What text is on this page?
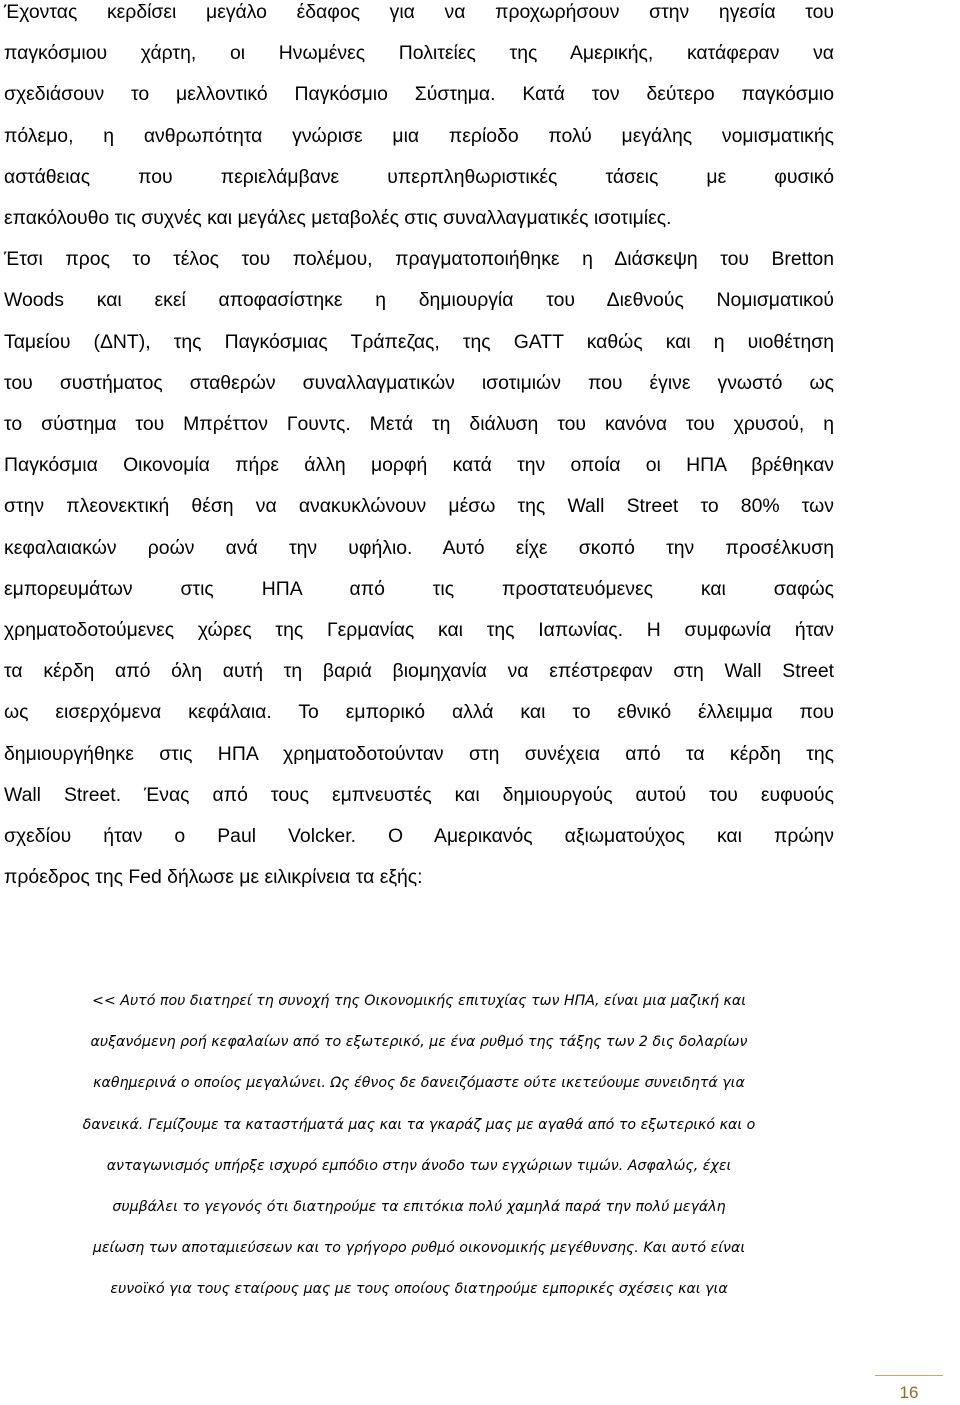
Έχοντας κερδίσει μεγάλο έδαφος για να προχωρήσουν στην ηγεσία του
παγκόσμιου χάρτη, οι Ηνωμένες Πολιτείες της Αμερικής, κατάφεραν να
σχεδιάσουν το μελλοντικό Παγκόσμιο Σύστημα. Κατά τον δεύτερο παγκόσμιο
πόλεμο, η ανθρωπότητα γνώρισε μια περίοδο πολύ μεγάλης νομισματικής
αστάθειας που περιελάμβανε υπερπληθωριστικές τάσεις με φυσικό
επακόλουθο τις συχνές και μεγάλες μεταβολές στις συναλλαγματικές ισοτιμίες.
Έτσι προς το τέλος του πολέμου, πραγματοποιήθηκε η Διάσκεψη του Bretton
Woods και εκεί αποφασίστηκε η δημιουργία του Διεθνούς Νομισματικού
Ταμείου (ΔΝΤ), της Παγκόσμιας Τράπεζας, της GATT καθώς και η υιοθέτηση
του συστήματος σταθερών συναλλαγματικών ισοτιμιών που έγινε γνωστό ως
το σύστημα του Μπρέττον Γουντς. Μετά τη διάλυση του κανόνα του χρυσού, η
Παγκόσμια Οικονομία πήρε άλλη μορφή κατά την οποία οι ΗΠΑ βρέθηκαν
στην πλεονεκτική θέση να ανακυκλώνουν μέσω της Wall Street το 80% των
κεφαλαιακών ροών ανά την υφήλιο. Αυτό είχε σκοπό την προσέλκυση
εμπορευμάτων στις ΗΠΑ από τις προστατευόμενες και σαφώς
χρηματοδοτούμενες χώρες της Γερμανίας και της Ιαπωνίας. Η συμφωνία ήταν
τα κέρδη από όλη αυτή τη βαριά βιομηχανία να επέστρεφαν στη Wall Street
ως εισερχόμενα κεφάλαια. Το εμπορικό αλλά και το εθνικό έλλειμμα που
δημιουργήθηκε στις ΗΠΑ χρηματοδοτούνταν στη συνέχεια από τα κέρδη της
Wall Street. Ένας από τους εμπνευστές και δημιουργούς αυτού του ευφυούς
σχεδίου ήταν ο Paul Volcker. Ο Αμερικανός αξιωματούχος και πρώην
πρόεδρος της Fed δήλωσε με ειλικρίνεια τα εξής:
<< Αυτό που διατηρεί τη συνοχή της Οικονομικής επιτυχίας των ΗΠΑ, είναι μια μαζική και
αυξανόμενη ροή κεφαλαίων από το εξωτερικό, με ένα ρυθμό της τάξης των 2 δις δολαρίων
καθημερινά ο οποίος μεγαλώνει. Ως έθνος δε δανειζόμαστε ούτε ικετεύουμε συνειδητά για
δανεικά. Γεμίζουμε τα καταστήματά μας και τα γκαράζ μας με αγαθά από το εξωτερικό και ο
ανταγωνισμός υπήρξε ισχυρό εμπόδιο στην άνοδο των εγχώριων τιμών. Ασφαλώς, έχει
συμβάλει το γεγονός ότι διατηρούμε τα επιτόκια πολύ χαμηλά παρά την πολύ μεγάλη
μείωση των αποταμιεύσεων και το γρήγορο ρυθμό οικονομικής μεγέθυνσης. Και αυτό είναι
ευνοϊκό για τους εταίρους μας με τους οποίους διατηρούμε εμπορικές σχέσεις και για
16
